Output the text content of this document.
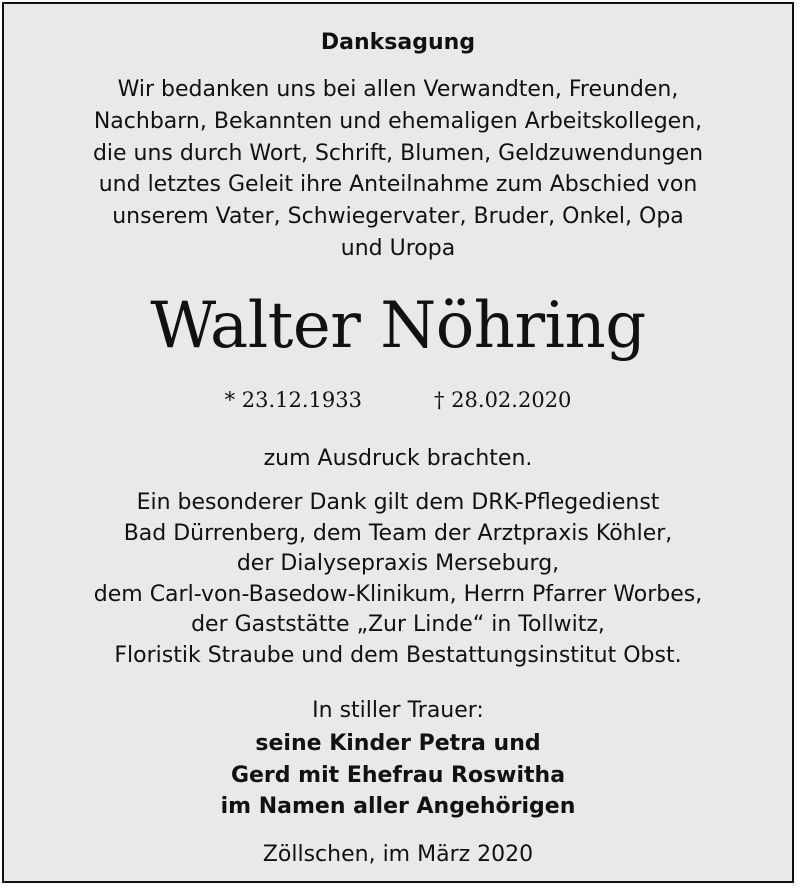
Danksagung
Wir bedanken uns bei allen Verwandten, Freunden,
Nachbarn, Bekannten und ehemaligen Arbeitskollegen,
die uns durch Wort, Schrift, Blumen, Geldzuwendungen
und letztes Geleit ihre Anteilnahme zum Abschied von
unserem Vater, Schwiegervater, Bruder, Onkel, Opa
und Uropa
Walter Nöhring
* 23.12.1933	† 28.02.2020
zum Ausdruck brachten.
Ein besonderer Dank gilt dem DRK-Pflegedienst
Bad Dürrenberg, dem Team der Arztpraxis Köhler,
der Dialysepraxis Merseburg,
dem Carl-von-Basedow-Klinikum, Herrn Pfarrer Worbes,
der Gaststätte „Zur Linde“ in Tollwitz,
Floristik Straube und dem Bestattungsinstitut Obst.
In stiller Trauer:
seine Kinder Petra und
Gerd mit Ehefrau Roswitha
im Namen aller Angehörigen
Zöllschen, im März 2020
